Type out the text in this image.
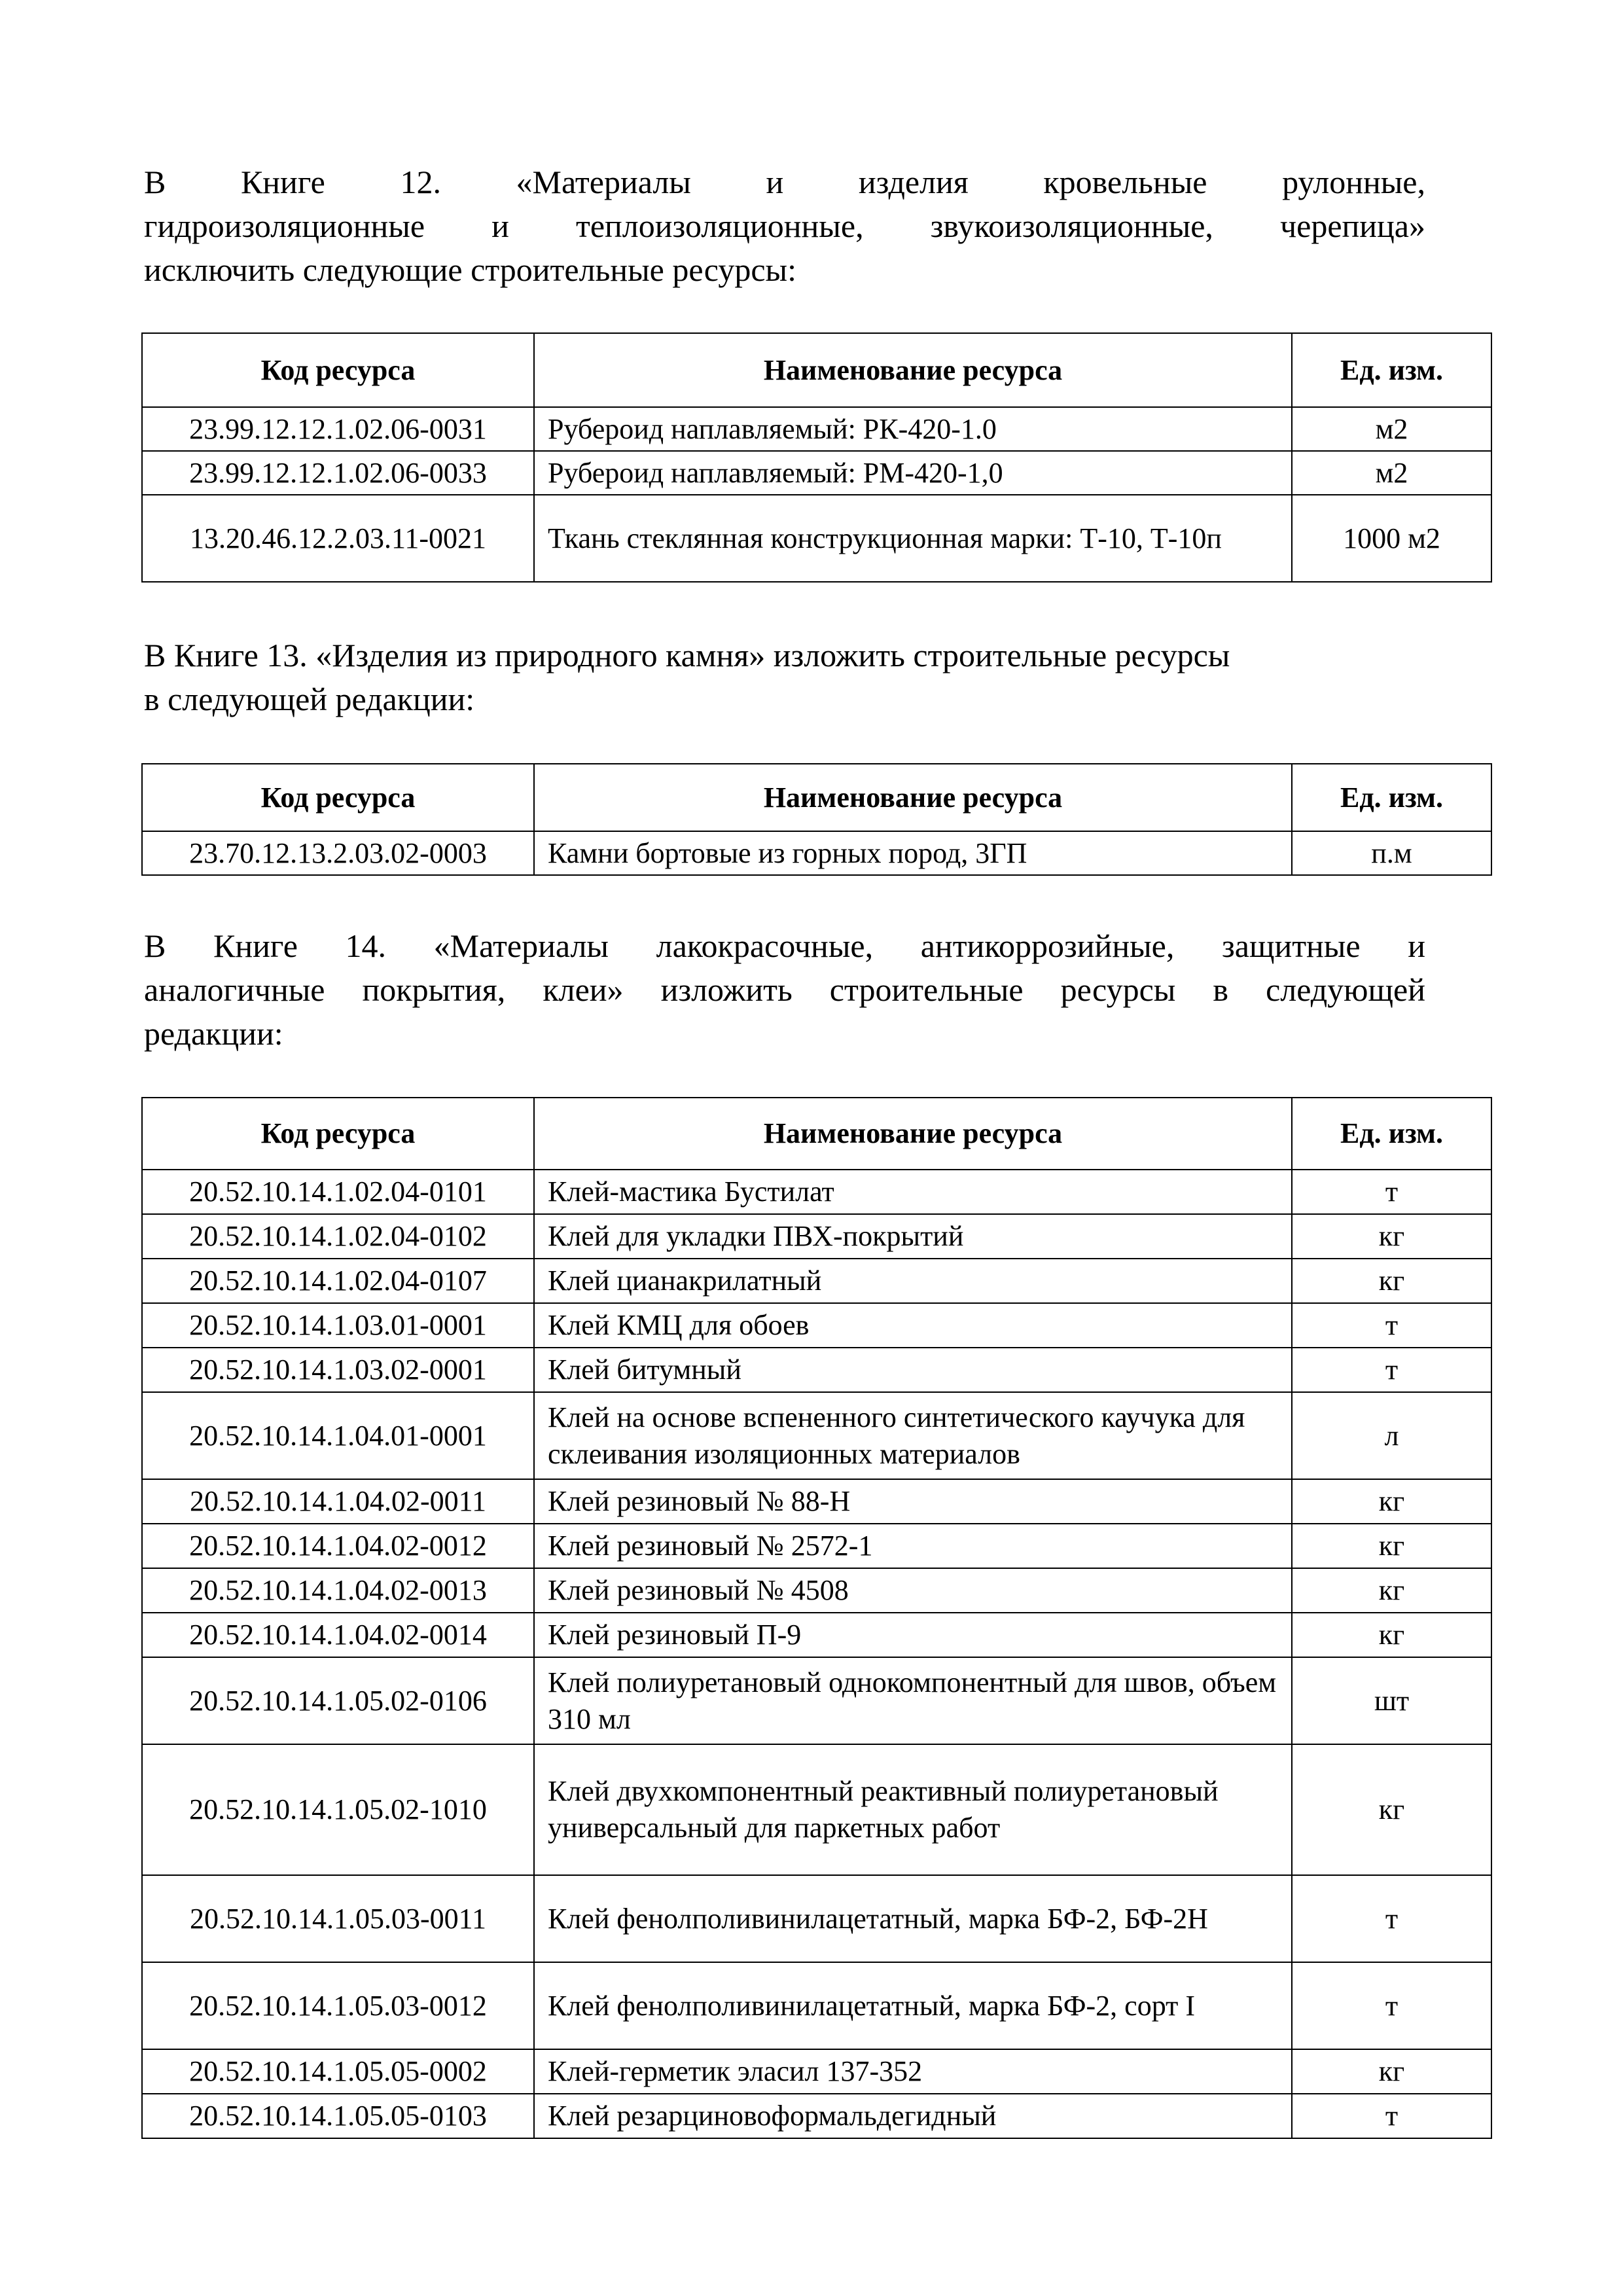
В Книге 12. «Материалы и изделия кровельные рулонные,
гидроизоляционные и теплоизоляционные, звукоизоляционные, черепица»
исключить следующие строительные ресурсы:

Код ресурса	Наименование ресурса	Ед. изм.
23.99.12.12.1.02.06-0031	Рубероид наплавляемый: РК-420-1.0	м2
23.99.12.12.1.02.06-0033	Рубероид наплавляемый: РМ-420-1,0	м2
13.20.46.12.2.03.11-0021	Ткань стеклянная конструкционная марки: Т-10, Т-10п	1000 м2

В Книге 13. «Изделия из природного камня» изложить строительные ресурсы
в следующей редакции:

Код ресурса	Наименование ресурса	Ед. изм.
23.70.12.13.2.03.02-0003	Камни бортовые из горных пород, 3ГП	п.м

В Книге 14. «Материалы лакокрасочные, антикоррозийные, защитные и
аналогичные покрытия, клеи» изложить строительные ресурсы в следующей
редакции:

Код ресурса	Наименование ресурса	Ед. изм.
20.52.10.14.1.02.04-0101	Клей-мастика Бустилат	т
20.52.10.14.1.02.04-0102	Клей для укладки ПВХ-покрытий	кг
20.52.10.14.1.02.04-0107	Клей цианакрилатный	кг
20.52.10.14.1.03.01-0001	Клей КМЦ для обоев	т
20.52.10.14.1.03.02-0001	Клей битумный	т
20.52.10.14.1.04.01-0001	Клей на основе вспененного синтетического каучука для склеивания изоляционных материалов	л
20.52.10.14.1.04.02-0011	Клей резиновый № 88-Н	кг
20.52.10.14.1.04.02-0012	Клей резиновый № 2572-1	кг
20.52.10.14.1.04.02-0013	Клей резиновый № 4508	кг
20.52.10.14.1.04.02-0014	Клей резиновый П-9	кг
20.52.10.14.1.05.02-0106	Клей полиуретановый однокомпонентный для швов, объем 310 мл	шт
20.52.10.14.1.05.02-1010	Клей двухкомпонентный реактивный полиуретановый универсальный для паркетных работ	кг
20.52.10.14.1.05.03-0011	Клей фенолполивинилацетатный, марка БФ-2, БФ-2Н	т
20.52.10.14.1.05.03-0012	Клей фенолполивинилацетатный, марка БФ-2, сорт I	т
20.52.10.14.1.05.05-0002	Клей-герметик эласил 137-352	кг
20.52.10.14.1.05.05-0103	Клей резарциновоформальдегидный	т
